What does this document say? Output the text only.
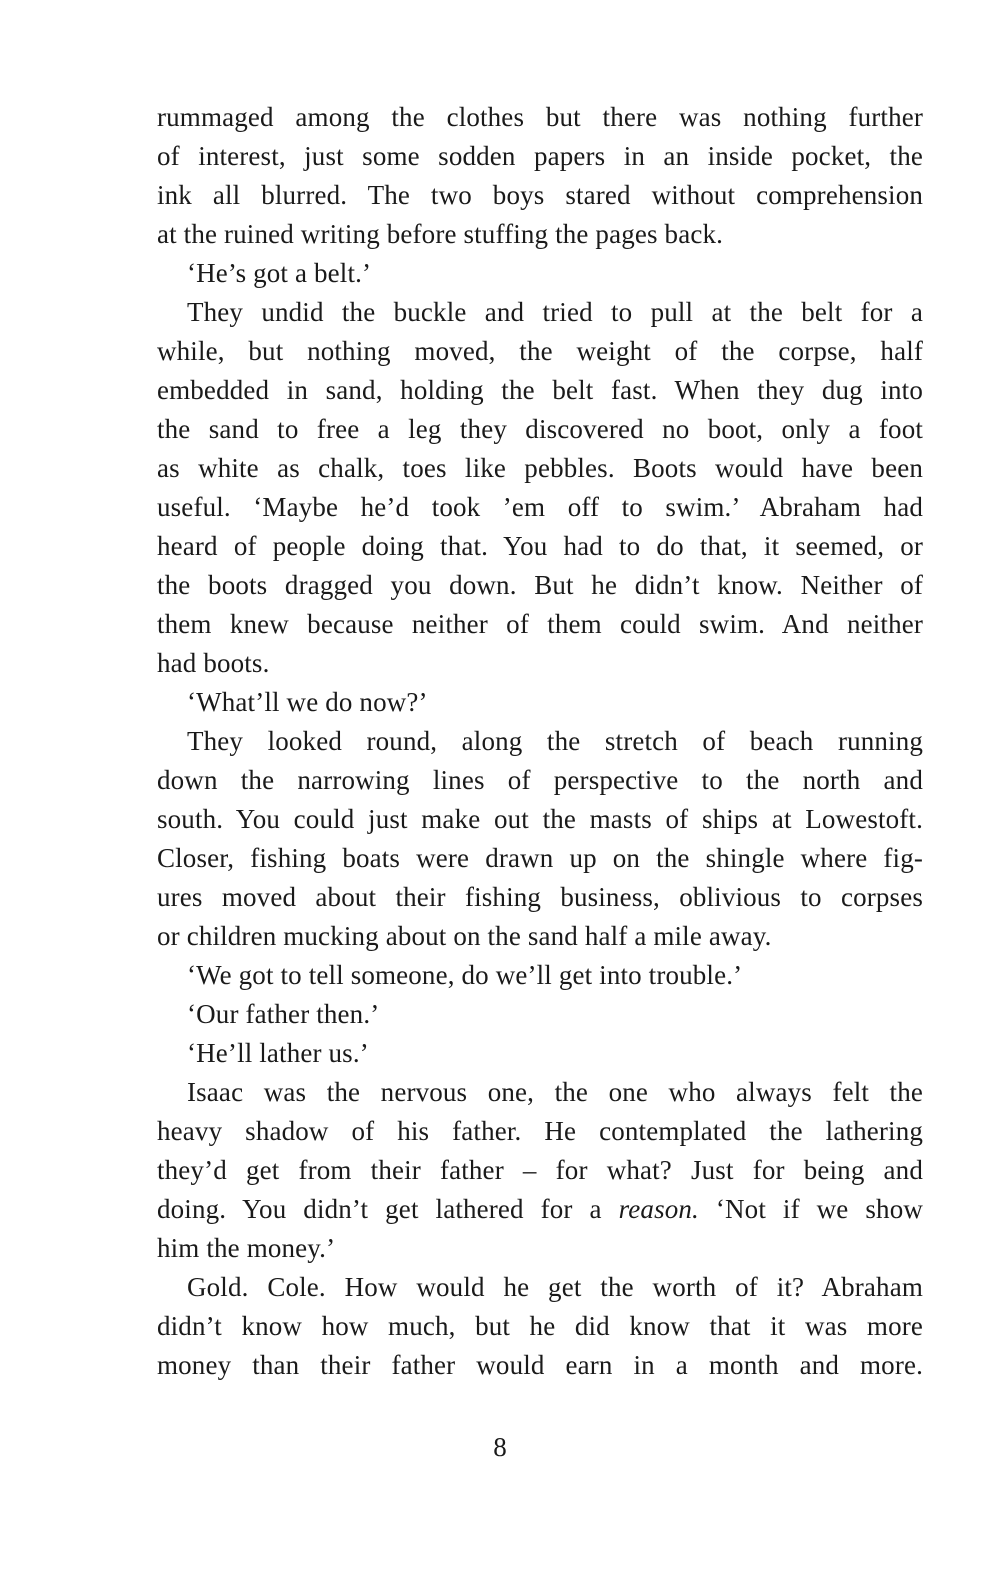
rummaged among the clothes but there was nothing further
of interest, just some sodden papers in an inside pocket, the
ink all blurred. The two boys stared without comprehension
at the ruined writing before stuffing the pages back.
‘He’s got a belt.’
They undid the buckle and tried to pull at the belt for a
while, but nothing moved, the weight of the corpse, half
embedded in sand, holding the belt fast. When they dug into
the sand to free a leg they discovered no boot, only a foot
as white as chalk, toes like pebbles. Boots would have been
useful. ‘Maybe he’d took ’em off to swim.’ Abraham had
heard of people doing that. You had to do that, it seemed, or
the boots dragged you down. But he didn’t know. Neither of
them knew because neither of them could swim. And neither
had boots.
‘What’ll we do now?’
They looked round, along the stretch of beach running
down the narrowing lines of perspective to the north and
south. You could just make out the masts of ships at Lowestoft.
Closer, fishing boats were drawn up on the shingle where fig-
ures moved about their fishing business, oblivious to corpses
or children mucking about on the sand half a mile away.
‘We got to tell someone, do we’ll get into trouble.’
‘Our father then.’
‘He’ll lather us.’
Isaac was the nervous one, the one who always felt the
heavy shadow of his father. He contemplated the lathering
they’d get from their father – for what? Just for being and
doing. You didn’t get lathered for a reason. ‘Not if we show
him the money.’
Gold. Cole. How would he get the worth of it? Abraham
didn’t know how much, but he did know that it was more
money than their father would earn in a month and more.
8
